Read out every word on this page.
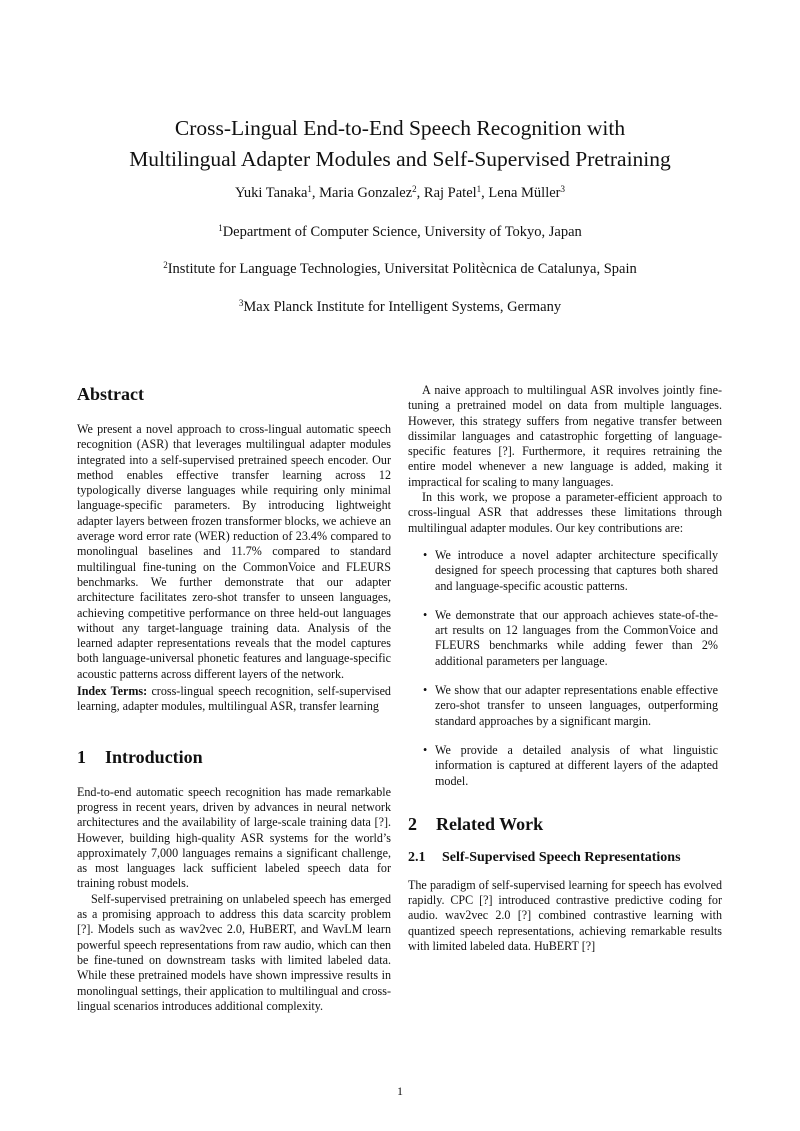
Cross-Lingual End-to-End Speech Recognition with
Multilingual Adapter Modules and Self-Supervised Pretraining
Yuki Tanaka$^1$, Maria Gonzalez$^2$, Raj Patel$^1$, Lena Müller$^3$
$^1$Department of Computer Science, University of Tokyo, Japan
$^2$Institute for Language Technologies, Universitat Politècnica de Catalunya, Spain
$^3$Max Planck Institute for Intelligent Systems, Germany
Abstract

We present a novel approach to cross-lingual automatic speech recognition (ASR) that leverages multilingual adapter modules integrated into a self-supervised pretrained speech encoder. Our method enables effective transfer learning across 12 typologically diverse languages while requiring only minimal language-specific parameters. By introducing lightweight adapter layers between frozen transformer blocks, we achieve an average word error rate (WER) reduction of 23.4% compared to monolingual baselines and 11.7% compared to standard multilingual fine-tuning on the CommonVoice and FLEURS benchmarks. We further demonstrate that our adapter architecture facilitates zero-shot transfer to unseen languages, achieving competitive performance on three held-out languages without any target-language training data. Analysis of the learned adapter representations reveals that the model captures both language-universal phonetic features and language-specific acoustic patterns across different layers of the network.

Index Terms: cross-lingual speech recognition, self-supervised learning, adapter modules, multilingual ASR, transfer learning

1 Introduction

End-to-end automatic speech recognition has made remarkable progress in recent years, driven by advances in neural network architectures and the availability of large-scale training data [?]. However, building high-quality ASR systems for the world’s approximately 7,000 languages remains a significant challenge, as most languages lack sufficient labeled speech data for training robust models.

Self-supervised pretraining on unlabeled speech has emerged as a promising approach to address this data scarcity problem [?]. Models such as wav2vec 2.0, HuBERT, and WavLM learn powerful speech representations from raw audio, which can then be fine-tuned on downstream tasks with limited labeled data. While these pretrained models have shown impressive results in monolingual settings, their application to multilingual and cross-lingual scenarios introduces additional complexity.

A naive approach to multilingual ASR involves jointly fine-tuning a pretrained model on data from multiple languages. However, this strategy suffers from negative transfer between dissimilar languages and catastrophic forgetting of language-specific features [?]. Furthermore, it requires retraining the entire model whenever a new language is added, making it impractical for scaling to many languages.

In this work, we propose a parameter-efficient approach to cross-lingual ASR that addresses these limitations through multilingual adapter modules. Our key contributions are:

• We introduce a novel adapter architecture specifically designed for speech processing that captures both shared and language-specific acoustic patterns.
• We demonstrate that our approach achieves state-of-the-art results on 12 languages from the CommonVoice and FLEURS benchmarks while adding fewer than 2% additional parameters per language.
• We show that our adapter representations enable effective zero-shot transfer to unseen languages, outperforming standard approaches by a significant margin.
• We provide a detailed analysis of what linguistic information is captured at different layers of the adapted model.
2 Related Work
2.1 Self-Supervised Speech Representations

The paradigm of self-supervised learning for speech has evolved rapidly. CPC [?] introduced contrastive predictive coding for audio. wav2vec 2.0 [?] combined contrastive learning with quantized speech representations, achieving remarkable results with limited labeled data. HuBERT [?]

1
